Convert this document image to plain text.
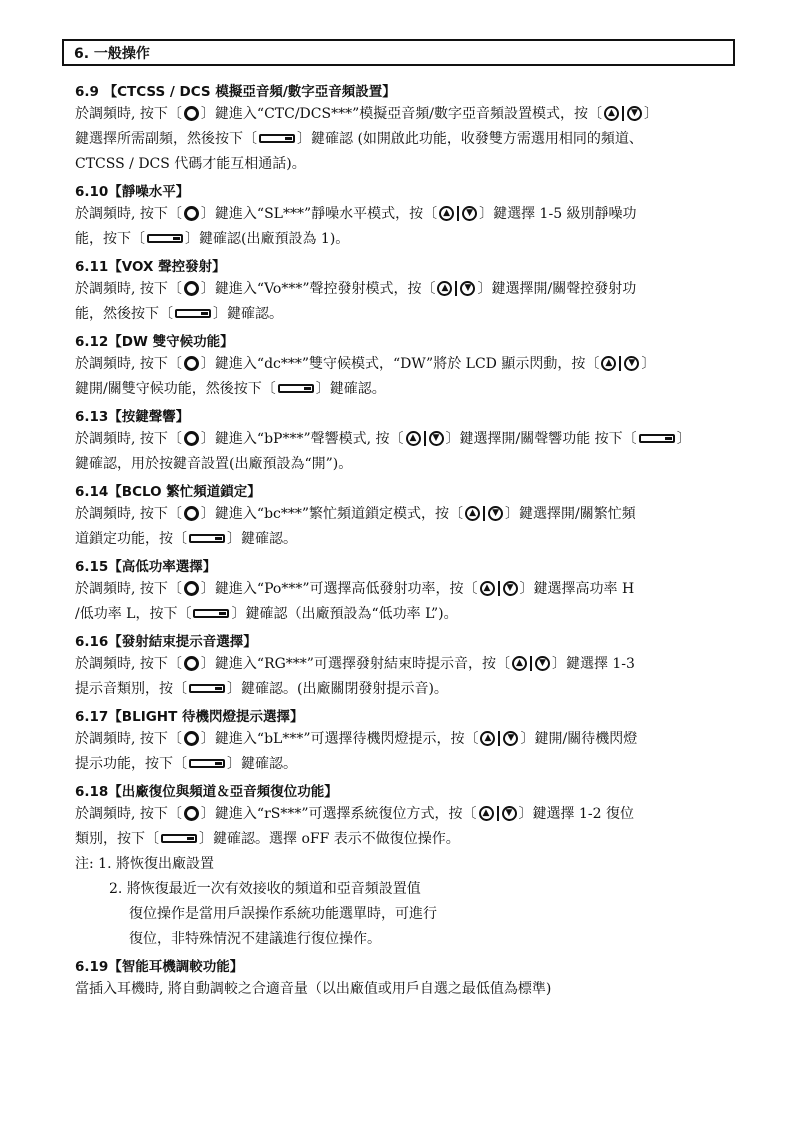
6. 一般操作
6.9 【CTCSS / DCS 模擬亞音頻/數字亞音頻設置】
於調頻時, 按下〔 〕鍵進入“CTC/DCS***”模擬亞音頻/數字亞音頻設置模式，按〔 ▲ ▼ 〕
鍵選擇所需副頻，然後按下〔	〕鍵確認 (如開啟此功能，收發雙方需選用相同的頻道、
CTCSS / DCS 代碼才能互相通話)。
6.10【靜噪水平】
於調頻時, 按下〔 〕鍵進入“SL***”靜噪水平模式，按〔 ▲ ▼ 〕鍵選擇 1-5 級別靜噪功
能，按下〔	〕鍵確認(出廠預設為 1)。
6.11【VOX 聲控發射】
於調頻時, 按下〔 〕鍵進入“Vo***”聲控發射模式，按〔 ▲ ▼ 〕鍵選擇開/關聲控發射功
能，然後按下〔	〕鍵確認。
6.12【DW 雙守候功能】
於調頻時, 按下〔 〕鍵進入“dc***”雙守候模式，“DW”將於 LCD 顯示閃動，按〔 ▲ ▼ 〕
鍵開/關雙守候功能，然後按下〔	〕鍵確認。
6.13【按鍵聲響】
於調頻時, 按下〔 〕鍵進入“bP***”聲響模式, 按〔 ▲ ▼ 〕鍵選擇開/關聲響功能 按下〔	〕
鍵確認，用於按鍵音設置(出廠預設為“開”)。
6.14【BCLO 繁忙頻道鎖定】
於調頻時, 按下〔 〕鍵進入“bc***”繁忙頻道鎖定模式，按〔 ▲ ▼ 〕鍵選擇開/關繁忙頻
道鎖定功能，按〔	〕鍵確認。
6.15【高低功率選擇】
於調頻時, 按下〔 〕鍵進入“Po***”可選擇高低發射功率，按〔 ▲ ▼ 〕鍵選擇高功率 H
/低功率 L，按下〔	〕鍵確認（出廠預設為“低功率 L”)。
6.16【發射結束提示音選擇】
於調頻時, 按下〔 〕鍵進入“RG***”可選擇發射結束時提示音，按〔 ▲ ▼ 〕鍵選擇 1-3
提示音類別，按〔	〕鍵確認。(出廠關閉發射提示音)。
6.17【BLIGHT 待機閃燈提示選擇】
於調頻時, 按下〔 〕鍵進入“bL***”可選擇待機閃燈提示，按〔 ▲ ▼ 〕鍵開/關待機閃燈
提示功能，按下〔	〕鍵確認。
6.18【出廠復位與頻道＆亞音頻復位功能】
於調頻時, 按下〔 〕鍵進入“rS***”可選擇系統復位方式，按〔 ▲ ▼ 〕鍵選擇 1-2 復位
類別，按下〔	〕鍵確認。選擇 oFF 表示不做復位操作。
注: 1. 將恢復出廠設置
2. 將恢復最近一次有效接收的頻道和亞音頻設置值
復位操作是當用戶誤操作系統功能選單時，可進行
復位，非特殊情況不建議進行復位操作。
6.19【智能耳機調較功能】
當插入耳機時, 將自動調較之合適音量（以出廠值或用戶自選之最低值為標準)
